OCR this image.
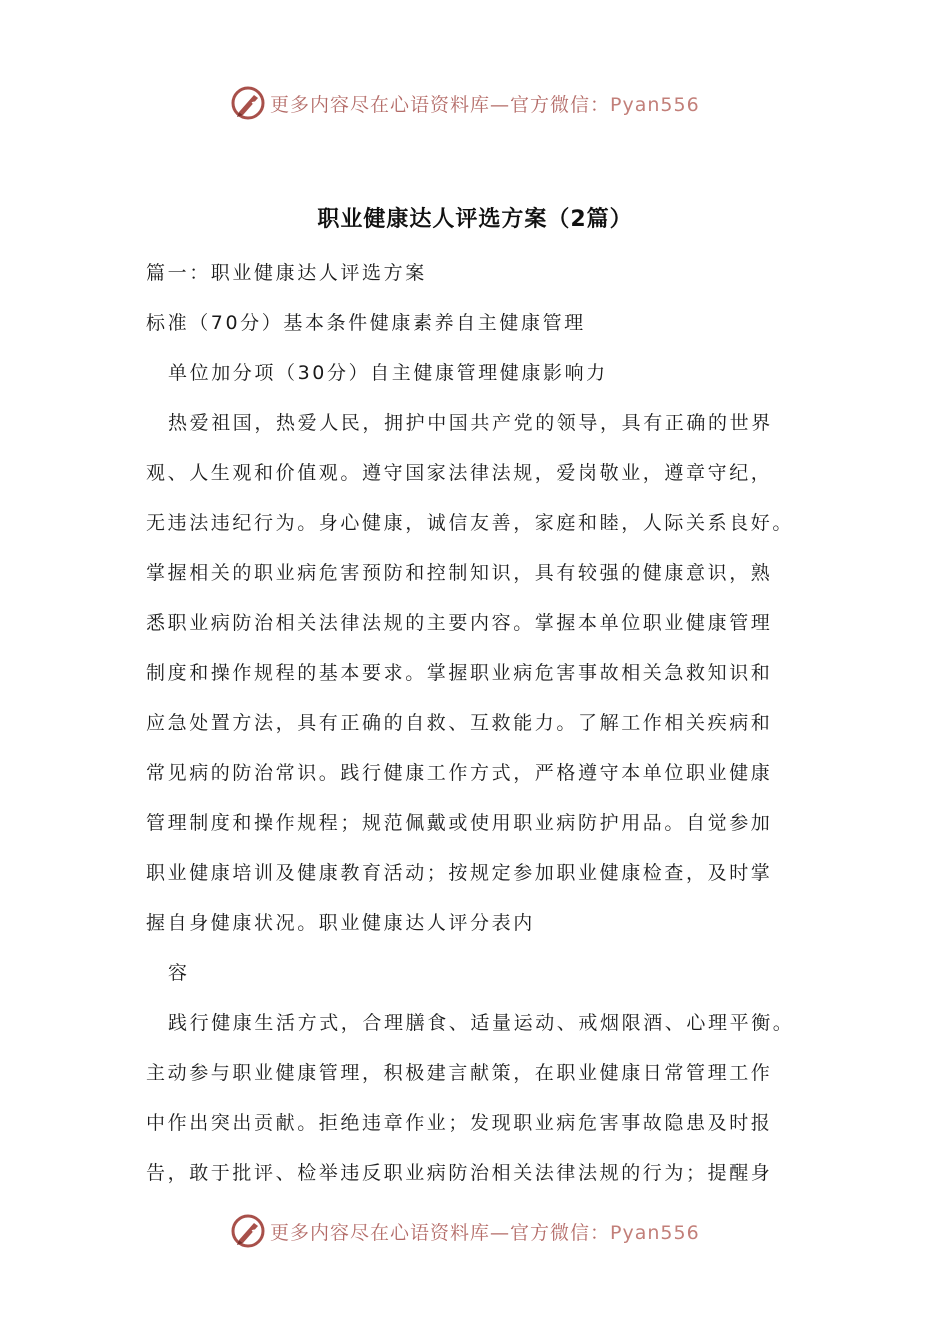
更多内容尽在心语资料库—官方微信：Pyan556
职业健康达人评选方案（2篇）
篇一：职业健康达人评选方案
标准（70分）基本条件健康素养自主健康管理
单位加分项（30分）自主健康管理健康影响力
热爱祖国，热爱人民，拥护中国共产党的领导，具有正确的世界
观、人生观和价值观。遵守国家法律法规，爱岗敬业，遵章守纪，
无违法违纪行为。身心健康，诚信友善，家庭和睦，人际关系良好。
掌握相关的职业病危害预防和控制知识，具有较强的健康意识，熟
悉职业病防治相关法律法规的主要内容。掌握本单位职业健康管理
制度和操作规程的基本要求。掌握职业病危害事故相关急救知识和
应急处置方法，具有正确的自救、互救能力。了解工作相关疾病和
常见病的防治常识。践行健康工作方式，严格遵守本单位职业健康
管理制度和操作规程；规范佩戴或使用职业病防护用品。自觉参加
职业健康培训及健康教育活动；按规定参加职业健康检查，及时掌
握自身健康状况。职业健康达人评分表内
容
践行健康生活方式，合理膳食、适量运动、戒烟限酒、心理平衡。
主动参与职业健康管理，积极建言献策，在职业健康日常管理工作
中作出突出贡献。拒绝违章作业；发现职业病危害事故隐患及时报
告，敢于批评、检举违反职业病防治相关法律法规的行为；提醒身
更多内容尽在心语资料库—官方微信：Pyan556
